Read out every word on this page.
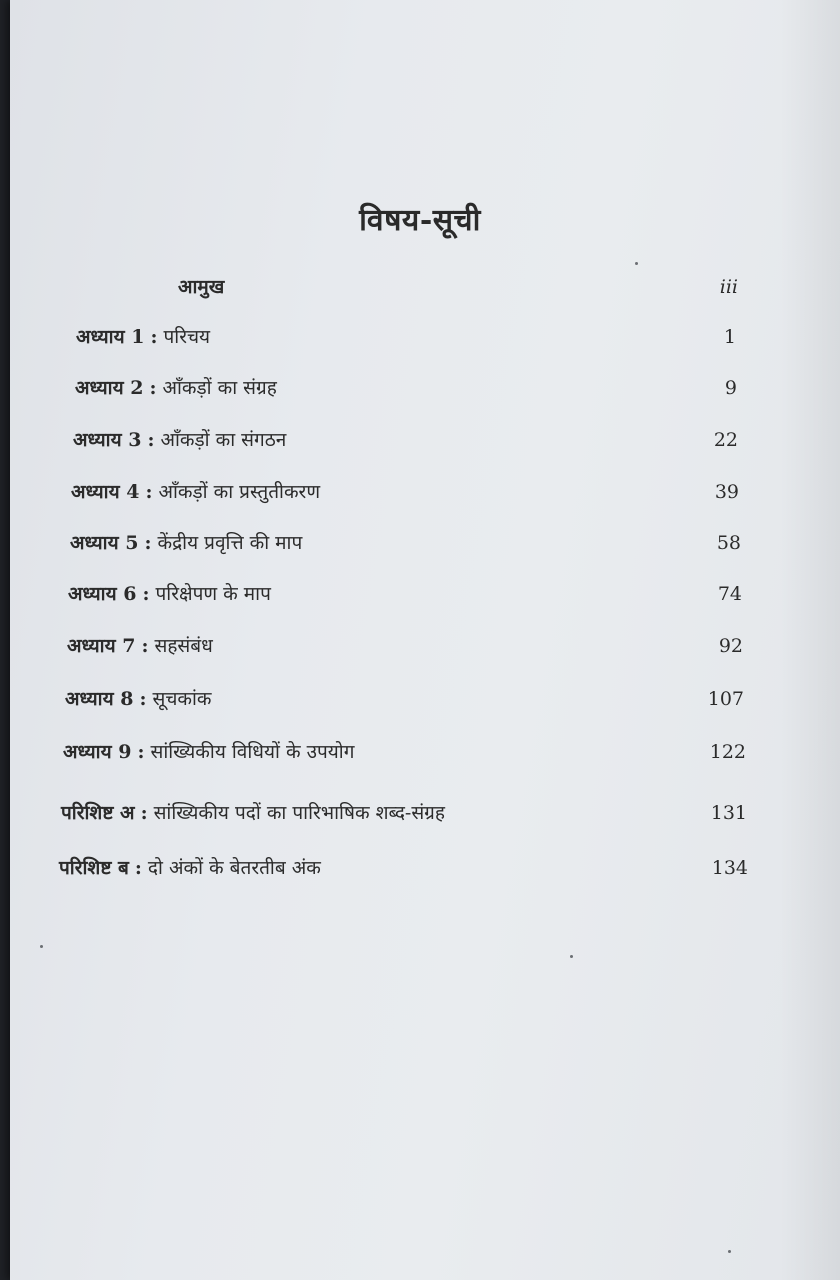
विषय-सूची
आमुख	iii
अध्याय 1 : परिचय	1
अध्याय 2 : आँकड़ों का संग्रह	9
अध्याय 3 : आँकड़ों का संगठन	22
अध्याय 4 : आँकड़ों का प्रस्तुतीकरण	39
अध्याय 5 : केंद्रीय प्रवृत्ति की माप	58
अध्याय 6 : परिक्षेपण के माप	74
अध्याय 7 : सहसंबंध	92
अध्याय 8 : सूचकांक	107
अध्याय 9 : सांख्यिकीय विधियों के उपयोग	122
परिशिष्ट अ : सांख्यिकीय पदों का पारिभाषिक शब्द-संग्रह	131
परिशिष्ट ब : दो अंकों के बेतरतीब अंक	134
